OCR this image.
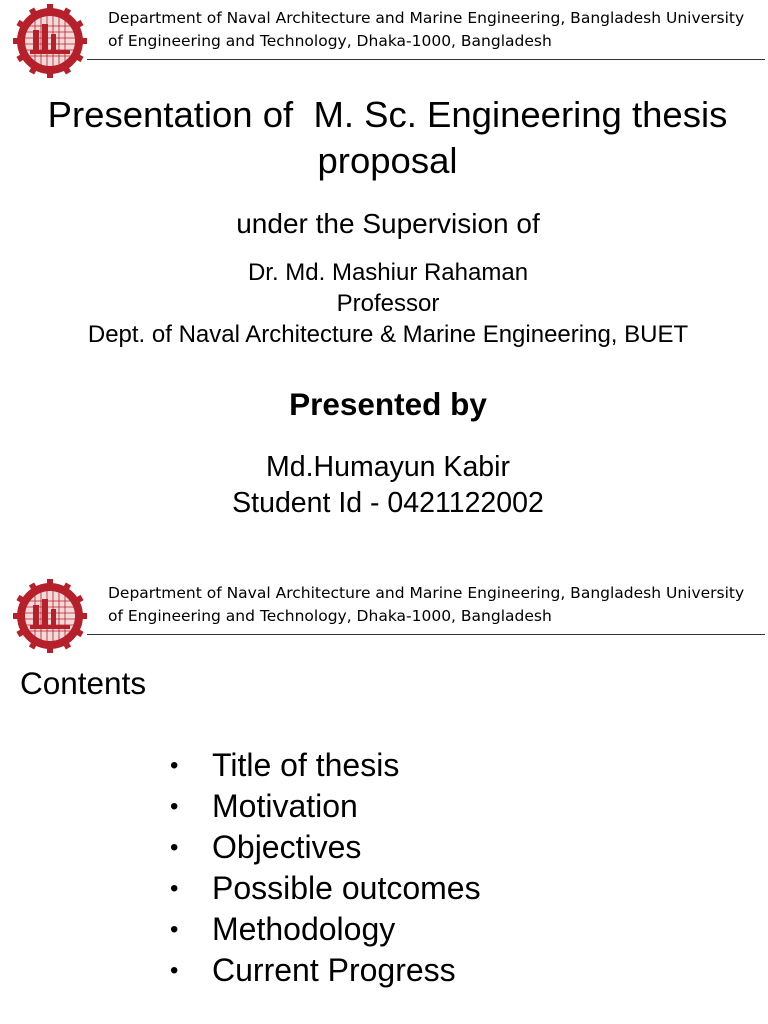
Department of Naval Architecture and Marine Engineering, Bangladesh University
of Engineering and Technology, Dhaka-1000, Bangladesh
Presentation of  M. Sc. Engineering thesis
proposal
under the Supervision of
Dr. Md. Mashiur Rahaman
Professor
Dept. of Naval Architecture & Marine Engineering, BUET
Presented by
Md.Humayun Kabir
Student Id - 0421122002
Department of Naval Architecture and Marine Engineering, Bangladesh University
of Engineering and Technology, Dhaka-1000, Bangladesh
Contents
•	Title of thesis
•	Motivation
•	Objectives
•	Possible outcomes
•	Methodology
•	Current Progress
